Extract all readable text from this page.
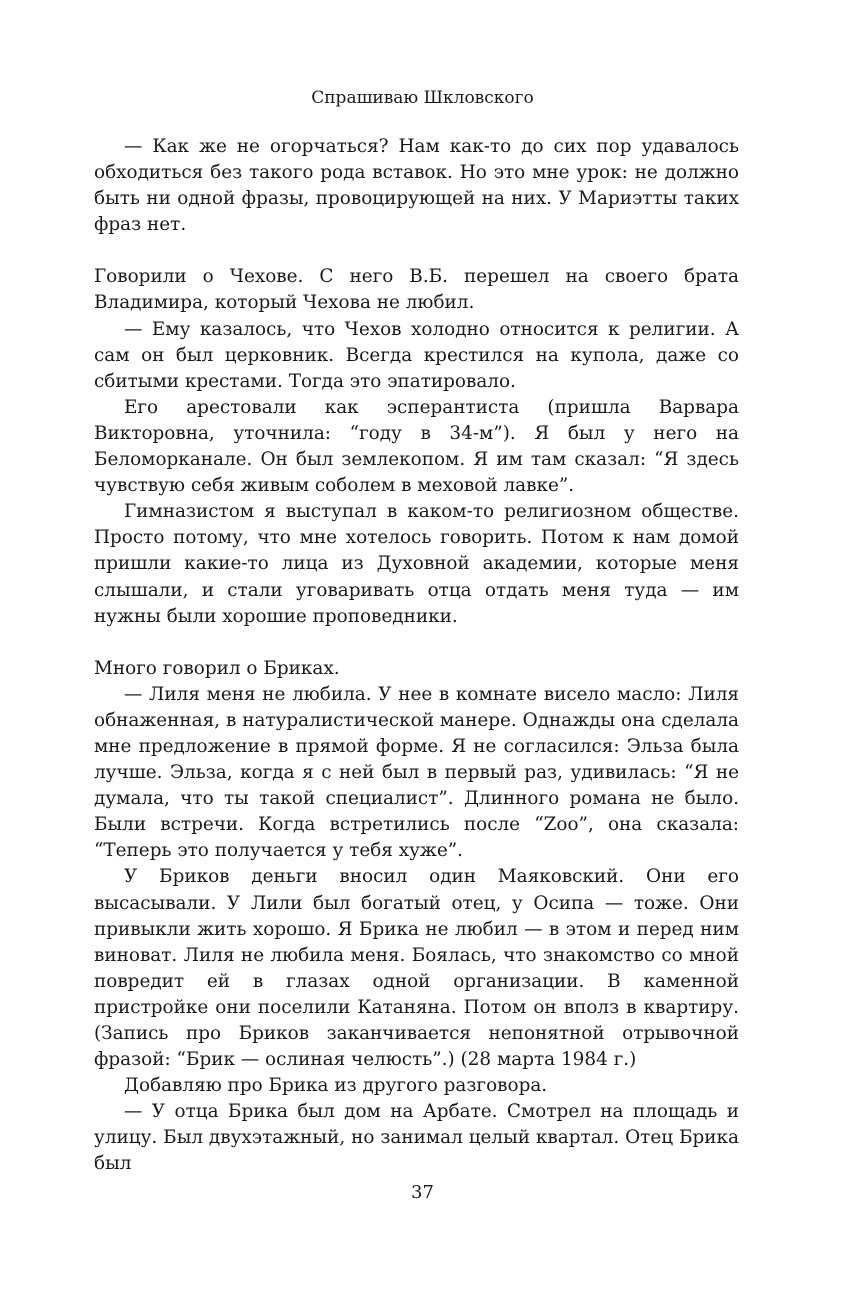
Спрашиваю Шкловского

— Как же не огорчаться? Нам как-то до сих пор удавалось обходиться без такого рода вставок. Но это мне урок: не должно быть ни одной фразы, провоцирующей на них. У Мариэтты таких фраз нет.

Говорили о Чехове. С него В.Б. перешел на своего брата Владимира, который Чехова не любил.

— Ему казалось, что Чехов холодно относится к религии. А сам он был церковник. Всегда крестился на купола, даже со сбитыми крестами. Тогда это эпатировало.

Его арестовали как эсперантиста (пришла Варвара Викторовна, уточнила: “году в 34-м”). Я был у него на Беломорканале. Он был землекопом. Я им там сказал: “Я здесь чувствую себя живым соболем в меховой лавке”.

Гимназистом я выступал в каком-то религиозном обществе. Просто потому, что мне хотелось говорить. Потом к нам домой пришли какие-то лица из Духовной академии, которые меня слышали, и стали уговаривать отца отдать меня туда — им нужны были хорошие проповедники.

Много говорил о Бриках.

— Лиля меня не любила. У нее в комнате висело масло: Лиля обнаженная, в натуралистической манере. Однажды она сделала мне предложение в прямой форме. Я не согласился: Эльза была лучше. Эльза, когда я с ней был в первый раз, удивилась: “Я не думала, что ты такой специалист”. Длинного романа не было. Были встречи. Когда встретились после “Zoo”, она сказала: “Теперь это получается у тебя хуже”.

У Бриков деньги вносил один Маяковский. Они его высасывали. У Лили был богатый отец, у Осипа — тоже. Они привыкли жить хорошо. Я Брика не любил — в этом и перед ним виноват. Лиля не любила меня. Боялась, что знакомство со мной повредит ей в глазах одной организации. В каменной пристройке они поселили Катаняна. Потом он вполз в квартиру. (Запись про Бриков заканчивается непонятной отрывочной фразой: “Брик — ослиная челюсть”.) (28 марта 1984 г.)

Добавляю про Брика из другого разговора.

— У отца Брика был дом на Арбате. Смотрел на площадь и улицу. Был двухэтажный, но занимал целый квартал. Отец Брика был

37
